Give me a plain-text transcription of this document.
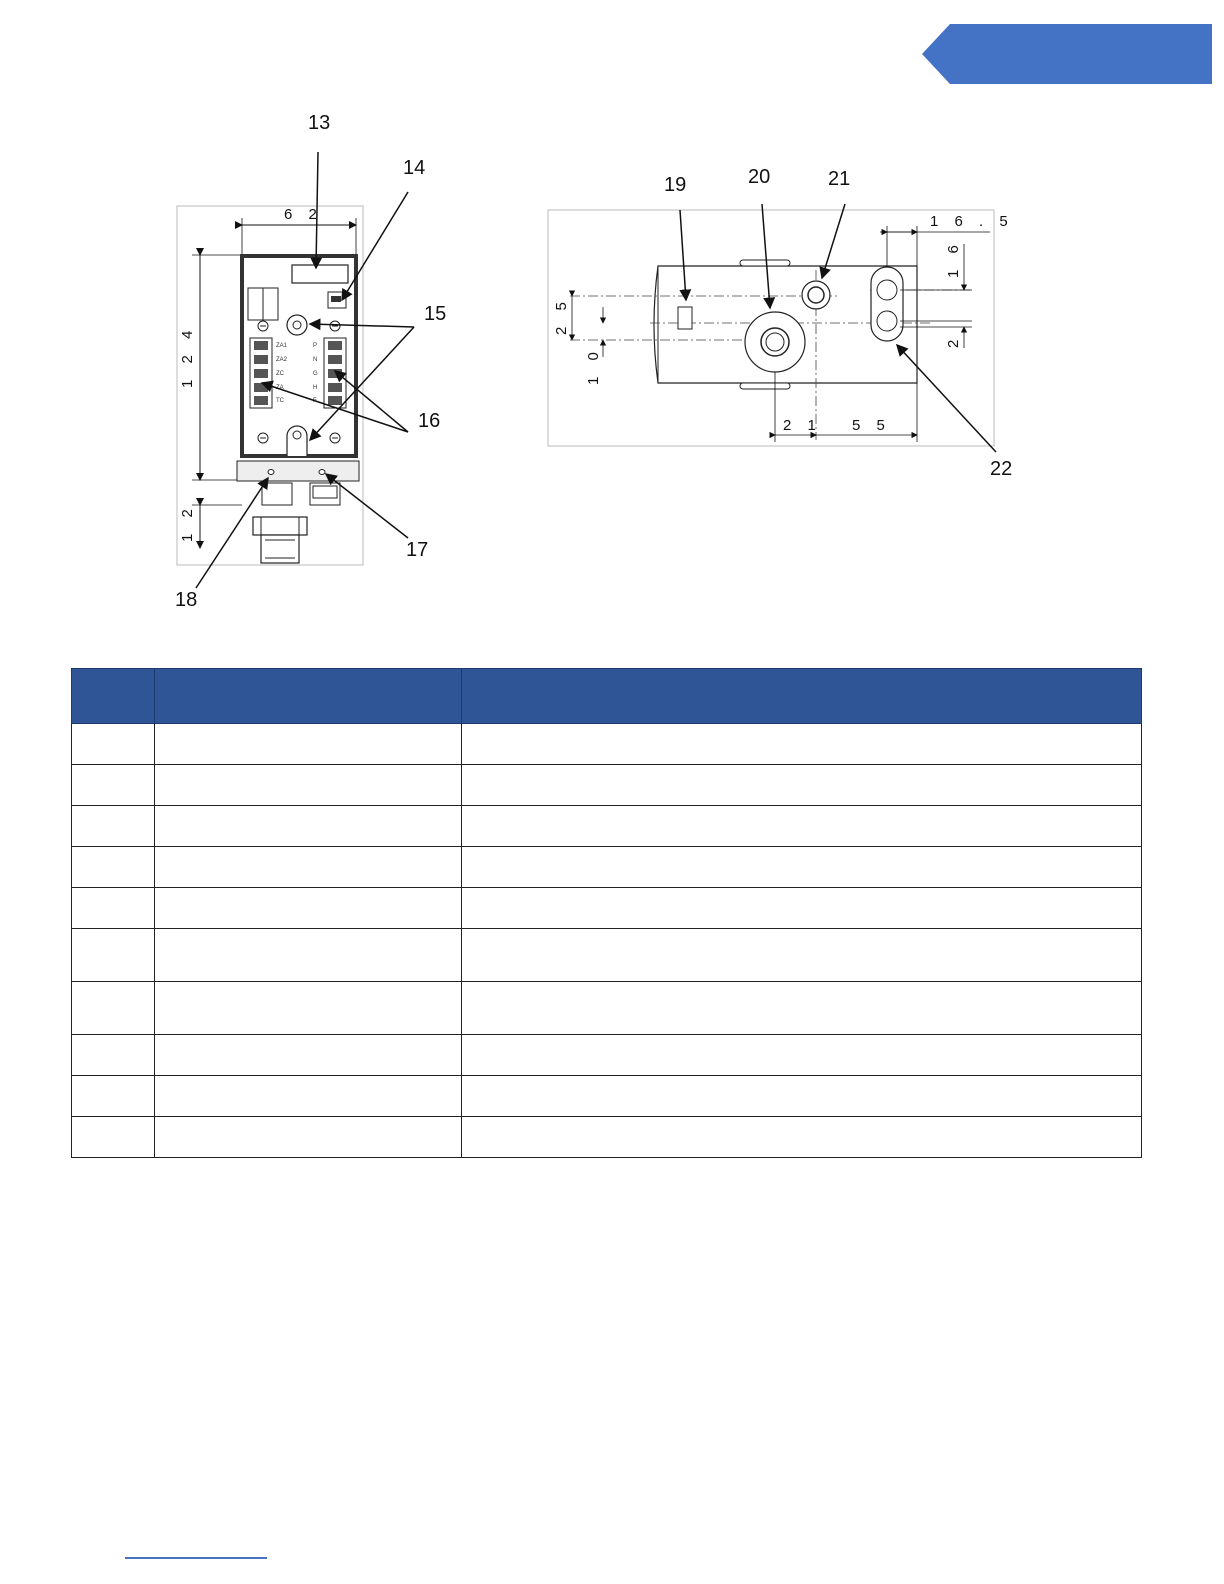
6 2
1 2 4
1 2
ZA1
ZA2
ZC
ZA
TC
P
N
G
H
F
13
14
15
16
17
18
1 6 . 5
1 6
2
2 5
1 0
2 1 5 5
19	20	21
22
